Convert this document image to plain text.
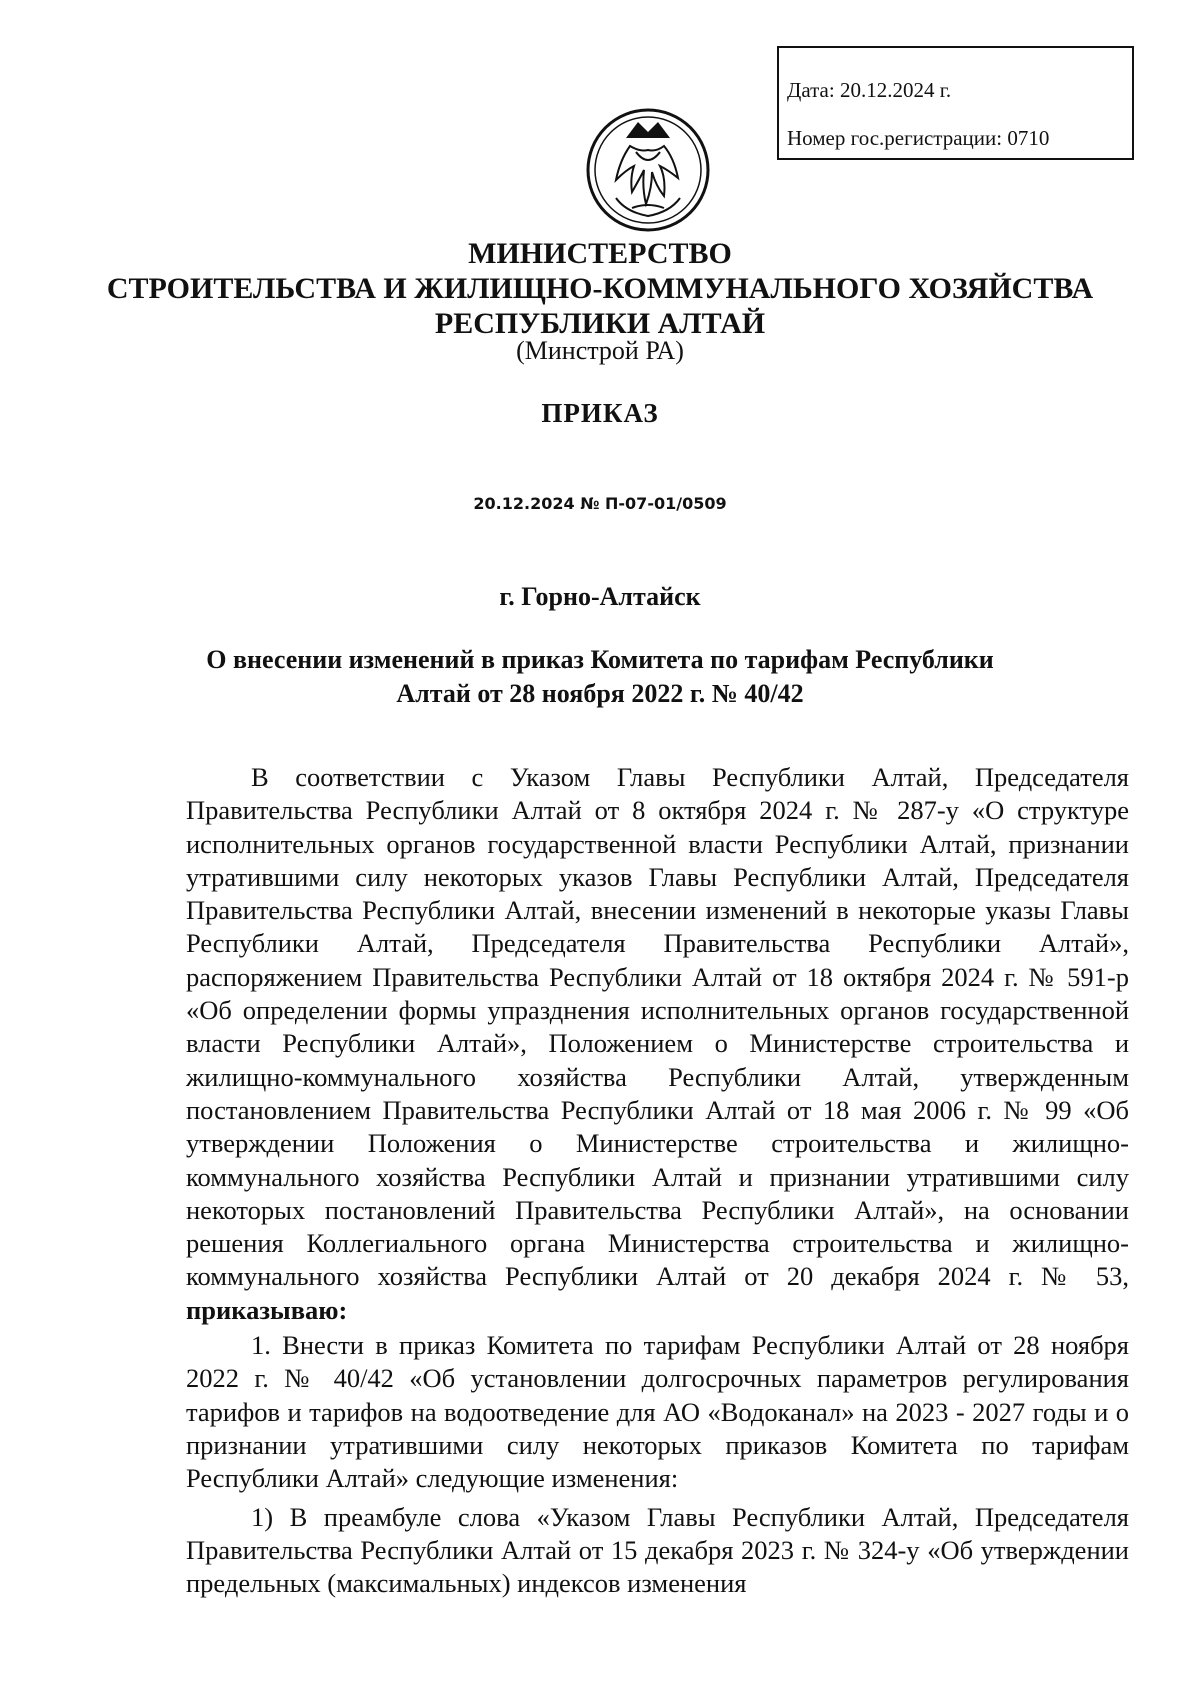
Дата: 20.12.2024 г.
Номер гос.регистрации: 0710
МИНИСТЕРСТВО
СТРОИТЕЛЬСТВА И ЖИЛИЩНО-КОММУНАЛЬНОГО ХОЗЯЙСТВА
РЕСПУБЛИКИ АЛТАЙ
(Минстрой РА)
ПРИКАЗ
20.12.2024 № П-07-01/0509
г. Горно-Алтайск
О внесении изменений в приказ Комитета по тарифам Республики
Алтай от 28 ноября 2022 г. № 40/42

В соответствии с Указом Главы Республики Алтай, Председателя Правительства Республики Алтай от 8 октября 2024 г. № 287-у «О структуре исполнительных органов государственной власти Республики Алтай, признании утратившими силу некоторых указов Главы Республики Алтай, Председателя Правительства Республики Алтай, внесении изменений в некоторые указы Главы Республики Алтай, Председателя Правительства Республики Алтай», распоряжением Правительства Республики Алтай от 18 октября 2024 г. № 591-р «Об определении формы упразднения исполнительных органов государственной власти Республики Алтай», Положением о Министерстве строительства и жилищно-коммунального хозяйства Республики Алтай, утвержденным постановлением Правительства Республики Алтай от 18 мая 2006 г. № 99 «Об утверждении Положения о Министерстве строительства и жилищно-коммунального хозяйства Республики Алтай и признании утратившими силу некоторых постановлений Правительства Республики Алтай», на основании решения Коллегиального органа Министерства строительства и жилищно-коммунального хозяйства Республики Алтай от 20 декабря 2024 г. № 53, приказываю:

1. Внести в приказ Комитета по тарифам Республики Алтай от 28 ноября 2022 г. № 40/42 «Об установлении долгосрочных параметров регулирования тарифов и тарифов на водоотведение для АО «Водоканал» на 2023 - 2027 годы и о признании утратившими силу некоторых приказов Комитета по тарифам Республики Алтай» следующие изменения:

1) В преамбуле слова «Указом Главы Республики Алтай, Председателя Правительства Республики Алтай от 15 декабря 2023 г. № 324-у «Об утверждении предельных (максимальных) индексов изменения
